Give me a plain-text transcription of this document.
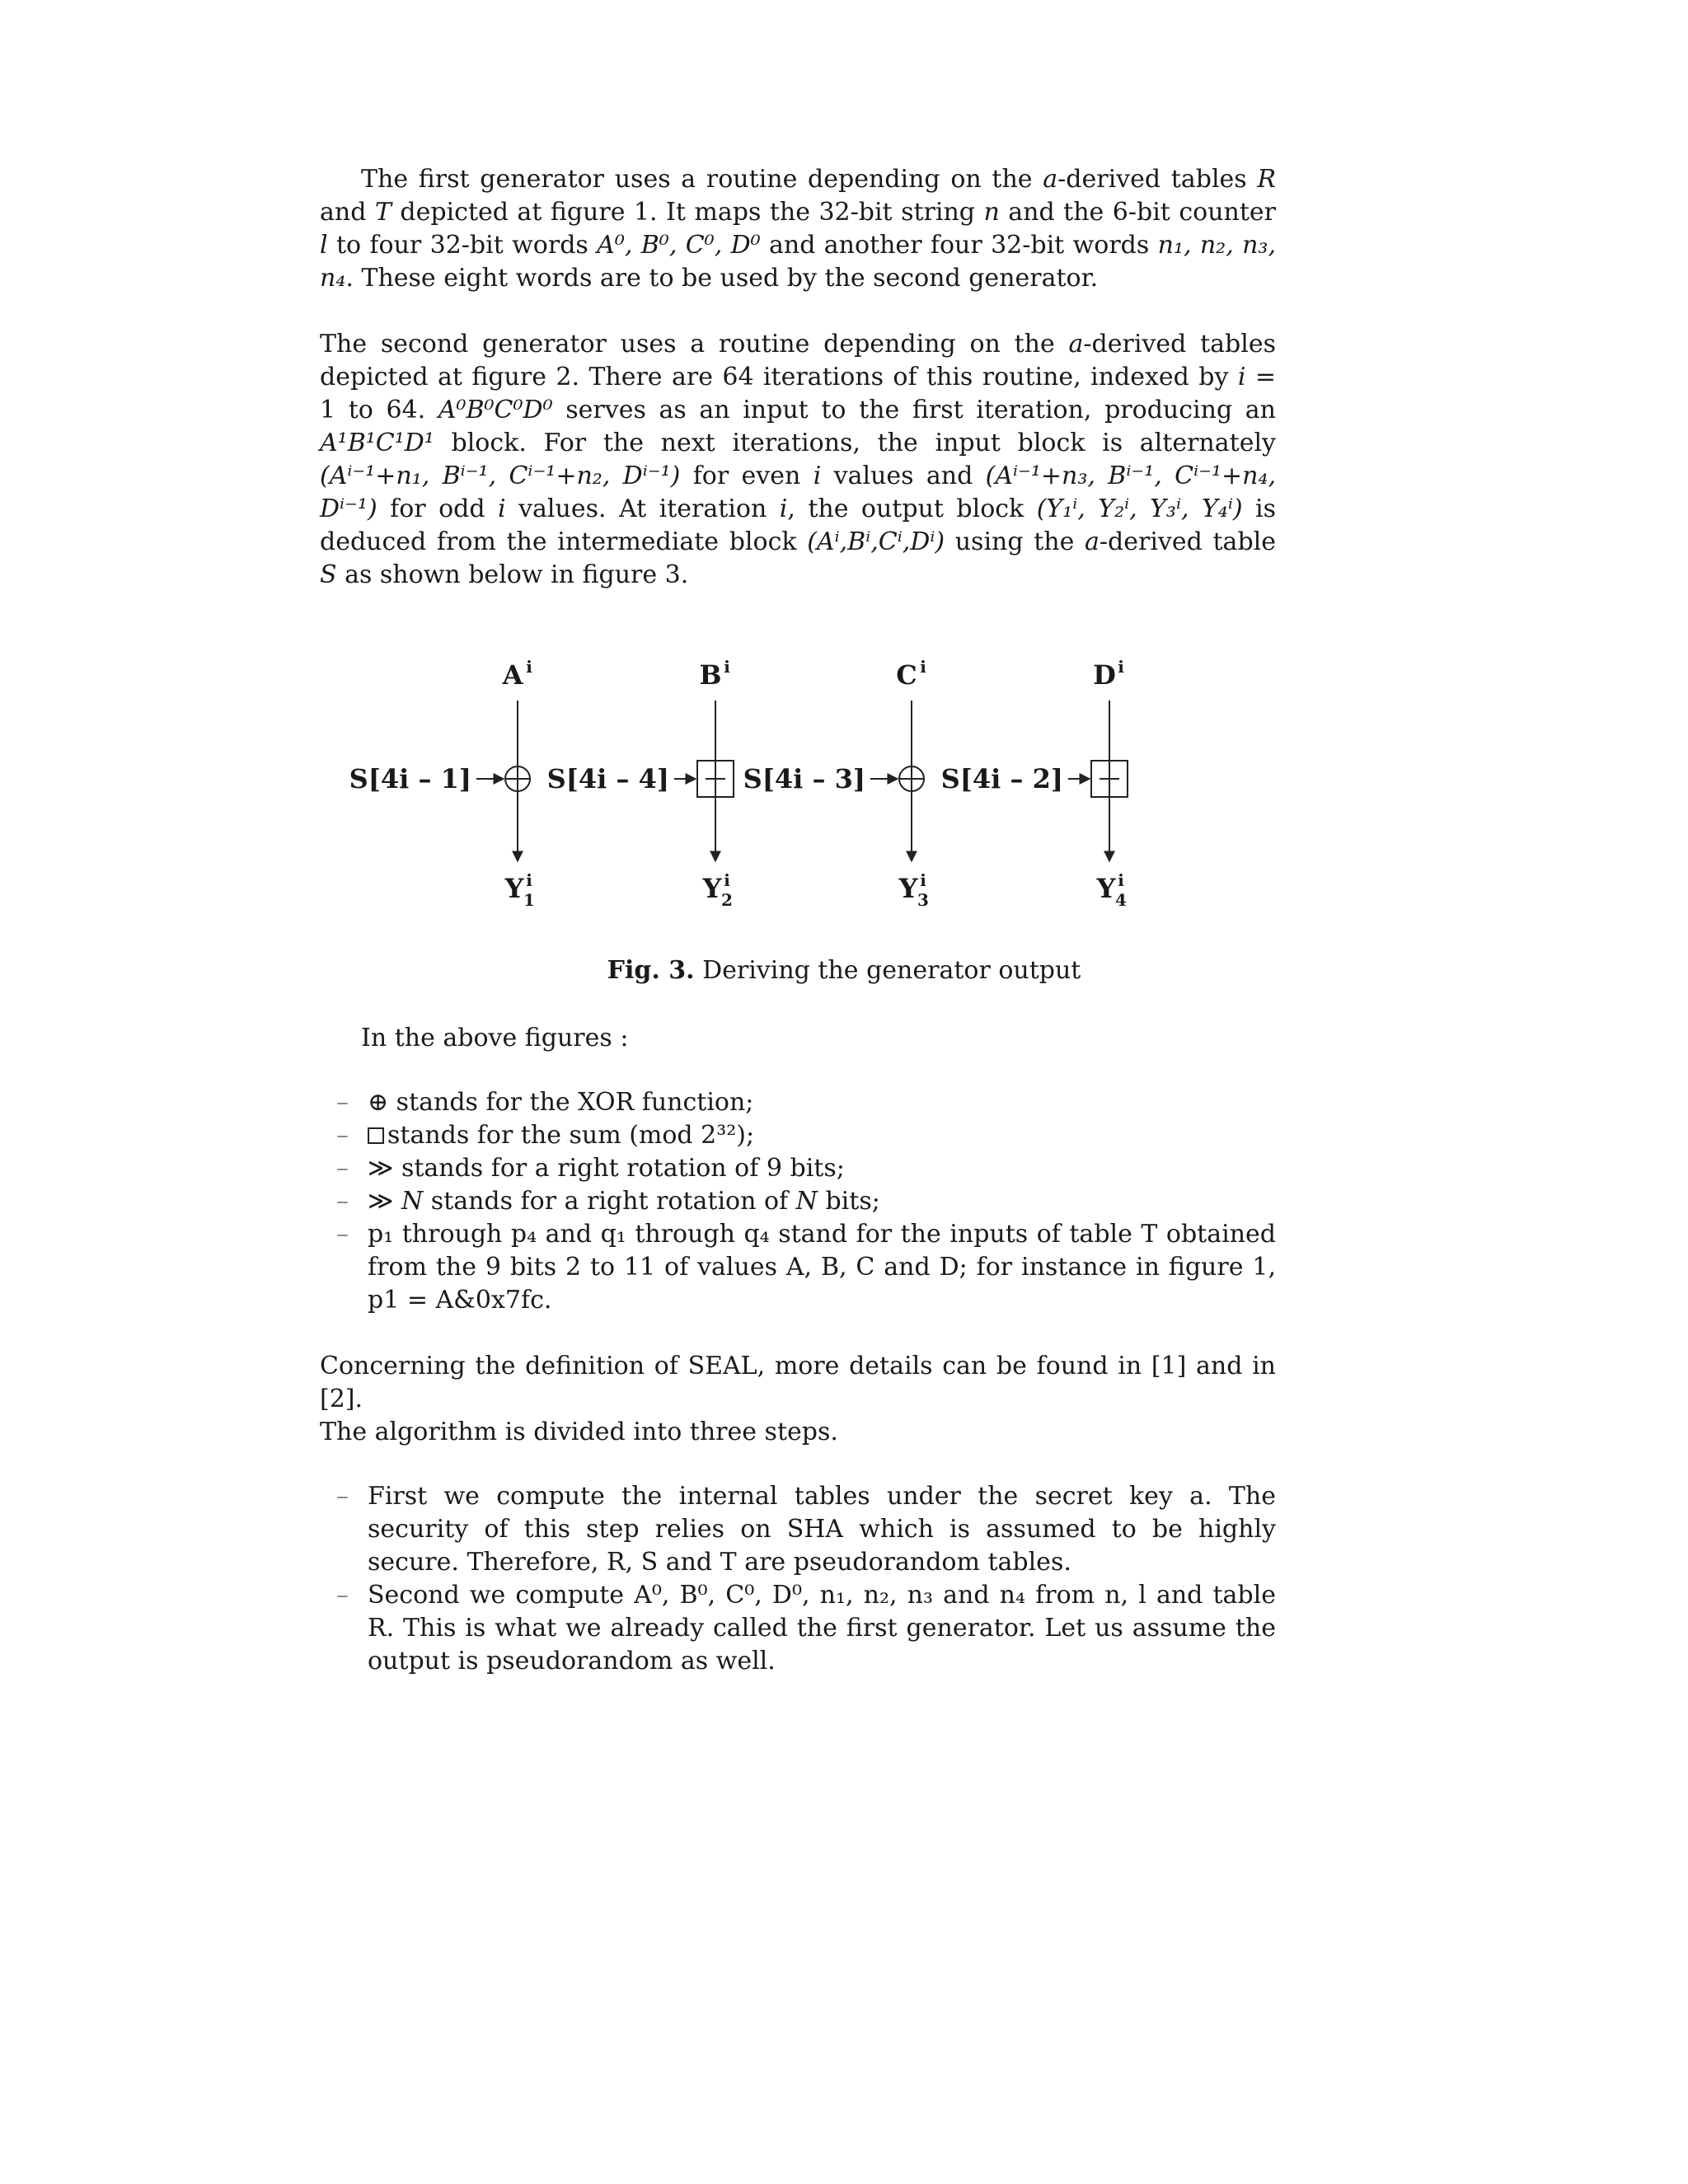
The first generator uses a routine depending on the a-derived tables R and T depicted at figure 1. It maps the 32-bit string n and the 6-bit counter l to four 32-bit words A⁰, B⁰, C⁰, D⁰ and another four 32-bit words n₁, n₂, n₃, n₄. These eight words are to be used by the second generator.

The second generator uses a routine depending on the a-derived tables depicted at figure 2. There are 64 iterations of this routine, indexed by i = 1 to 64. A⁰B⁰C⁰D⁰ serves as an input to the first iteration, producing an A¹B¹C¹D¹ block. For the next iterations, the input block is alternately (Aⁱ⁻¹+n₁, Bⁱ⁻¹, Cⁱ⁻¹+n₂, Dⁱ⁻¹) for even i values and (Aⁱ⁻¹+n₃, Bⁱ⁻¹, Cⁱ⁻¹+n₄, Dⁱ⁻¹) for odd i values. At iteration i, the output block (Y₁ⁱ, Y₂ⁱ, Y₃ⁱ, Y₄ⁱ) is deduced from the intermediate block (Aⁱ,Bⁱ,Cⁱ,Dⁱ) using the a-derived table S as shown below in figure 3.

A i
S[4i – 1]
Y i
1
B i
S[4i – 4]
Y i
2
C i
S[4i – 3]
Y i
3
D i
S[4i – 2]
Y i
4
Fig. 3. Deriving the generator output
In the above figures :
– ⊕ stands for the XOR function;
– stands for the sum (mod 2³²);
– ≫ stands for a right rotation of 9 bits;
– ≫ N stands for a right rotation of N bits;
– p₁ through p₄ and q₁ through q₄ stand for the inputs of table T obtained from the 9 bits 2 to 11 of values A, B, C and D; for instance in figure 1, p1 = A&0x7fc.

Concerning the definition of SEAL, more details can be found in [1] and in [2].

The algorithm is divided into three steps.

– First we compute the internal tables under the secret key a. The security of this step relies on SHA which is assumed to be highly secure. Therefore, R, S and T are pseudorandom tables.
– Second we compute A⁰, B⁰, C⁰, D⁰, n₁, n₂, n₃ and n₄ from n, l and table R. This is what we already called the first generator. Let us assume the output is pseudorandom as well.
